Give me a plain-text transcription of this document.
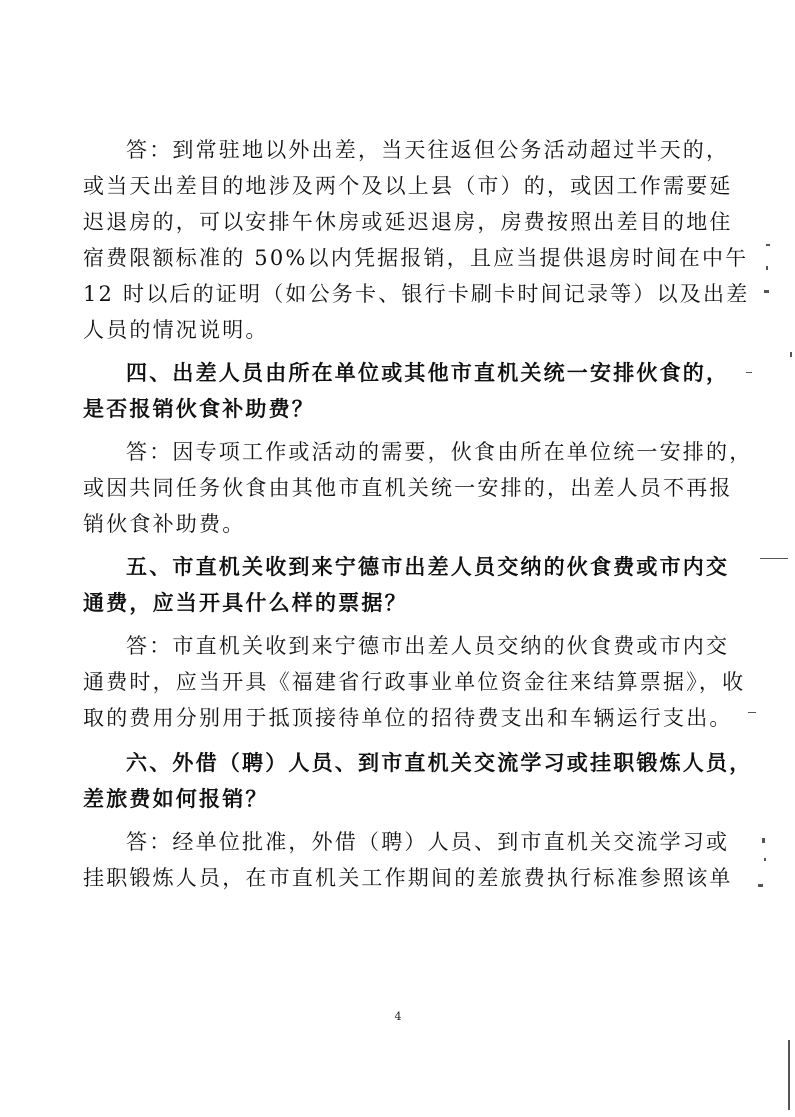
答：到常驻地以外出差，当天往返但公务活动超过半天的，
或当天出差目的地涉及两个及以上县（市）的，或因工作需要延
迟退房的，可以安排午休房或延迟退房，房费按照出差目的地住
宿费限额标准的 50%以内凭据报销，且应当提供退房时间在中午
12 时以后的证明（如公务卡、银行卡刷卡时间记录等）以及出差
人员的情况说明。
四、出差人员由所在单位或其他市直机关统一安排伙食的，
是否报销伙食补助费？
答：因专项工作或活动的需要，伙食由所在单位统一安排的，
或因共同任务伙食由其他市直机关统一安排的，出差人员不再报
销伙食补助费。
五、市直机关收到来宁德市出差人员交纳的伙食费或市内交
通费，应当开具什么样的票据？
答：市直机关收到来宁德市出差人员交纳的伙食费或市内交
通费时，应当开具《福建省行政事业单位资金往来结算票据》，收
取的费用分别用于抵顶接待单位的招待费支出和车辆运行支出。
六、外借（聘）人员、到市直机关交流学习或挂职锻炼人员，
差旅费如何报销？
答：经单位批准，外借（聘）人员、到市直机关交流学习或
挂职锻炼人员，在市直机关工作期间的差旅费执行标准参照该单
4
